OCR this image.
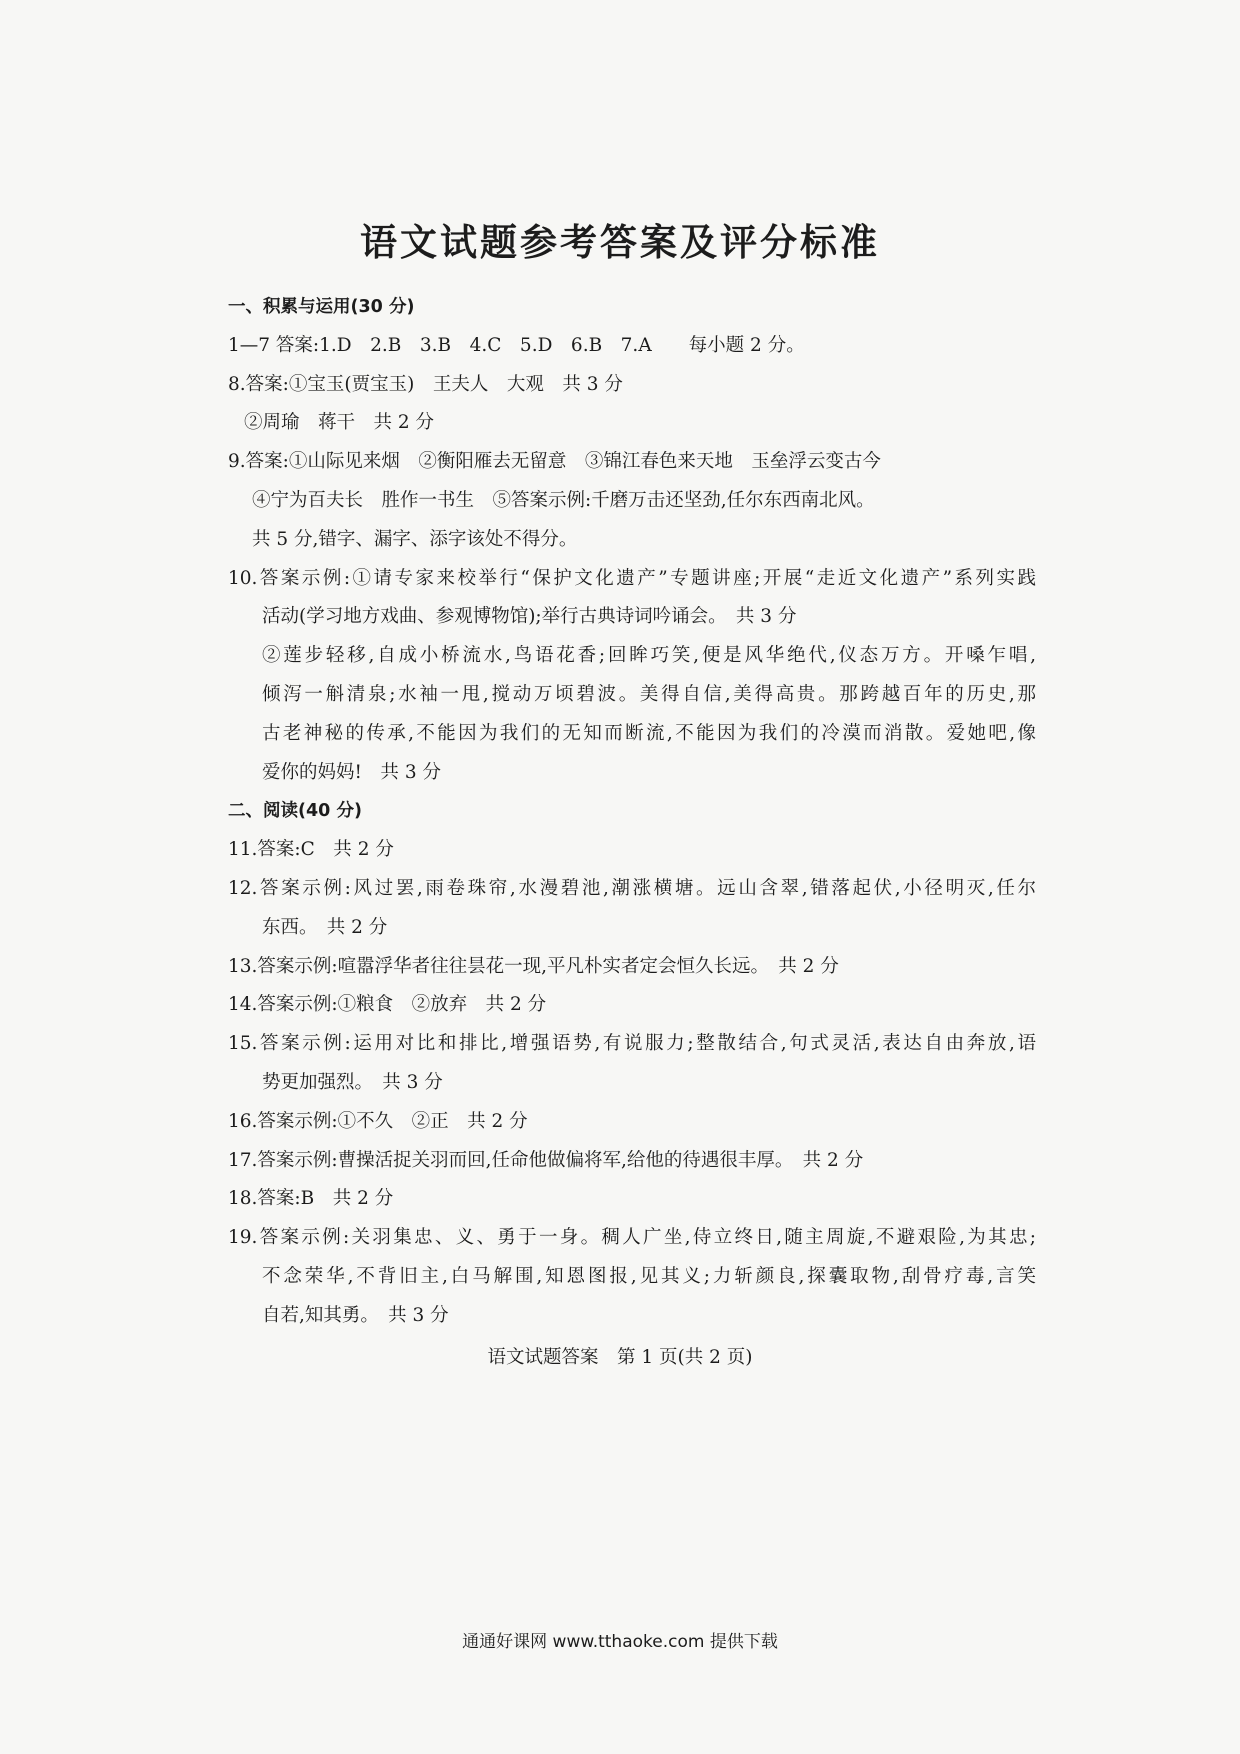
语文试题参考答案及评分标准
一、积累与运用(30 分)
1—7 答案:1.D　2.B　3.B　4.C　5.D　6.B　7.A　　每小题 2 分。
8.答案:①宝玉(贾宝玉)　王夫人　大观　共 3 分
②周瑜　蒋干　共 2 分
9.答案:①山际见来烟　②衡阳雁去无留意　③锦江春色来天地　玉垒浮云变古今
④宁为百夫长　胜作一书生　⑤答案示例:千磨万击还坚劲,任尔东西南北风。
共 5 分,错字、漏字、添字该处不得分。
10.答案示例:①请专家来校举行“保护文化遗产”专题讲座;开展“走近文化遗产”系列实践
活动(学习地方戏曲、参观博物馆);举行古典诗词吟诵会。　共 3 分
②莲步轻移,自成小桥流水,鸟语花香;回眸巧笑,便是风华绝代,仪态万方。开嗓乍唱,
倾泻一斛清泉;水袖一甩,搅动万顷碧波。美得自信,美得高贵。那跨越百年的历史,那
古老神秘的传承,不能因为我们的无知而断流,不能因为我们的冷漠而消散。爱她吧,像
爱你的妈妈!　共 3 分
二、阅读(40 分)
11.答案:C　共 2 分
12.答案示例:风过罢,雨卷珠帘,水漫碧池,潮涨横塘。远山含翠,错落起伏,小径明灭,任尔
东西。　共 2 分
13.答案示例:喧嚣浮华者往往昙花一现,平凡朴实者定会恒久长远。　共 2 分
14.答案示例:①粮食　②放弃　共 2 分
15.答案示例:运用对比和排比,增强语势,有说服力;整散结合,句式灵活,表达自由奔放,语
势更加强烈。　共 3 分
16.答案示例:①不久　②正　共 2 分
17.答案示例:曹操活捉关羽而回,任命他做偏将军,给他的待遇很丰厚。　共 2 分
18.答案:B　共 2 分
19.答案示例:关羽集忠、义、勇于一身。稠人广坐,侍立终日,随主周旋,不避艰险,为其忠;
不念荣华,不背旧主,白马解围,知恩图报,见其义;力斩颜良,探囊取物,刮骨疗毒,言笑
自若,知其勇。　共 3 分
语文试题答案　第 1 页(共 2 页)
通通好课网 www.tthaoke.com 提供下载
